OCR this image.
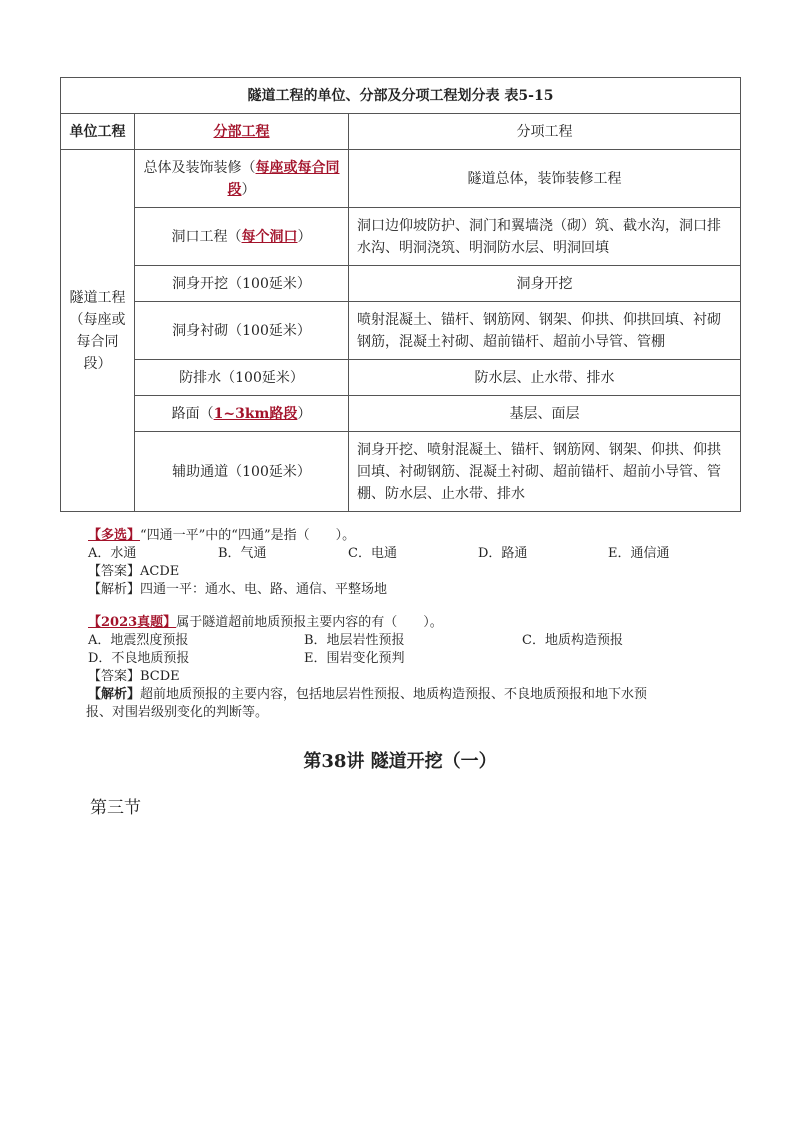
隧道工程的单位、分部及分项工程划分表 表5-15		
单位工程	分部工程	分项工程
隧道工程（每座或每合同段）	总体及装饰装修（每座或每合同段）	隧道总体，装饰装修工程
	洞口工程（每个洞口）	洞口边仰坡防护、洞门和翼墙浇（砌）筑、截水沟，洞口排水沟、明洞浇筑、明洞防水层、明洞回填
	洞身开挖（100延米）	洞身开挖
	洞身衬砌（100延米）	喷射混凝土、锚杆、钢筋网、钢架、仰拱、仰拱回填、衬砌钢筋，混凝土衬砌、超前锚杆、超前小导管、管棚
	防排水（100延米）	防水层、止水带、排水
	路面（1~3km路段）	基层、面层
	辅助通道（100延米）	洞身开挖、喷射混凝土、锚杆、钢筋网、钢架、仰拱、仰拱回填、衬砌钢筋、混凝土衬砌、超前锚杆、超前小导管、管棚、防水层、止水带、排水
【多选】“四通一平”中的“四通”是指（　　）。
A．水通	B．气通	C．电通	D．路通	E．通信通
【答案】ACDE
【解析】四通一平：通水、电、路、通信、平整场地
【2023真题】属于隧道超前地质预报主要内容的有（　　）。
A．地震烈度预报	B．地层岩性预报	C．地质构造预报
D．不良地质预报	E．围岩变化预判
【答案】BCDE
【解析】超前地质预报的主要内容，包括地层岩性预报、地质构造预报、不良地质预报和地下水预
报、对围岩级别变化的判断等。
第38讲 隧道开挖（一）
第三节
